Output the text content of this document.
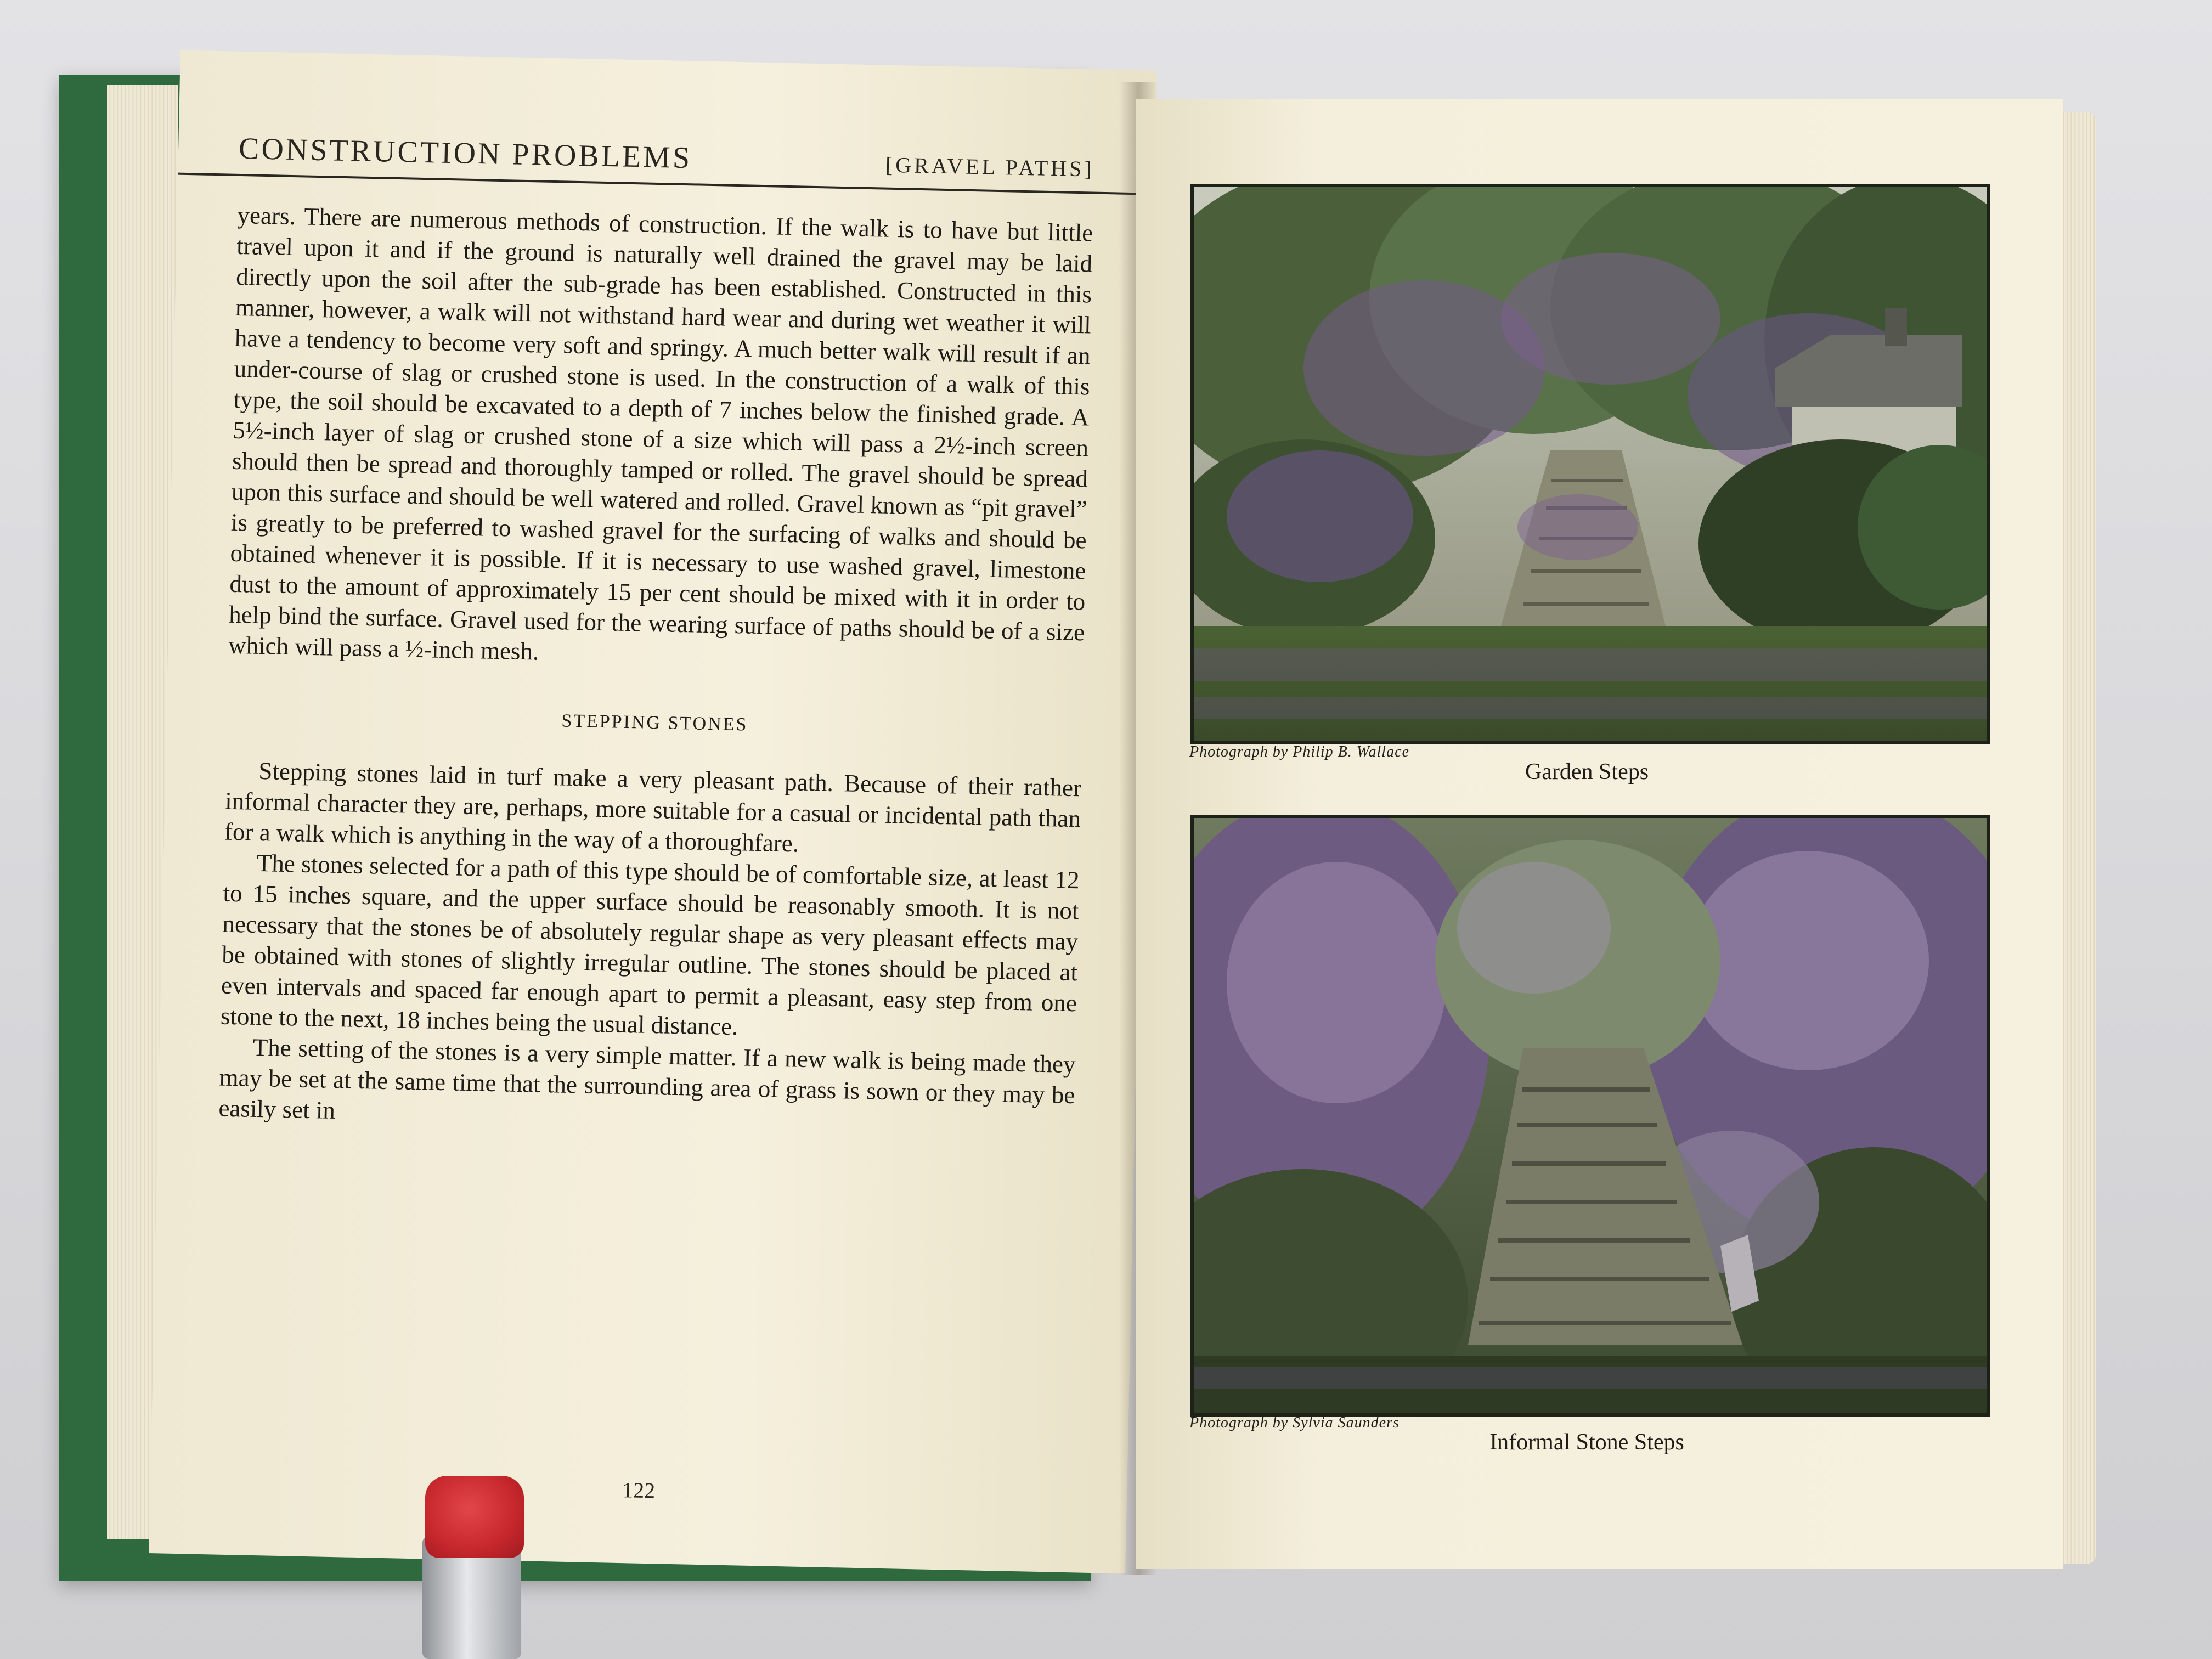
CONSTRUCTION PROBLEMS	[GRAVEL PATHS]

years. There are numerous methods of construction. If the walk is to have but little travel upon it and if the ground is naturally well drained the gravel may be laid directly upon the soil after the sub-grade has been established. Constructed in this manner, however, a walk will not withstand hard wear and during wet weather it will have a tendency to become very soft and springy. A much better walk will result if an under-course of slag or crushed stone is used. In the construction of a walk of this type, the soil should be excavated to a depth of 7 inches below the finished grade. A 5½-inch layer of slag or crushed stone of a size which will pass a 2½-inch screen should then be spread and thoroughly tamped or rolled. The gravel should be spread upon this surface and should be well watered and rolled. Gravel known as “pit gravel” is greatly to be preferred to washed gravel for the surfacing of walks and should be obtained whenever it is possible. If it is necessary to use washed gravel, limestone dust to the amount of approximately 15 per cent should be mixed with it in order to help bind the surface. Gravel used for the wearing surface of paths should be of a size which will pass a ½-inch mesh.

STEPPING STONES

Stepping stones laid in turf make a very pleasant path. Because of their rather informal character they are, perhaps, more suitable for a casual or incidental path than for a walk which is anything in the way of a thoroughfare.

The stones selected for a path of this type should be of comfortable size, at least 12 to 15 inches square, and the upper surface should be reasonably smooth. It is not necessary that the stones be of absolutely regular shape as very pleasant effects may be obtained with stones of slightly irregular outline. The stones should be placed at even intervals and spaced far enough apart to permit a pleasant, easy step from one stone to the next, 18 inches being the usual distance.

The setting of the stones is a very simple matter. If a new walk is being made they may be set at the same time that the surrounding area of grass is sown or they may be easily set in

122
Photograph by Philip B. Wallace
Garden Steps
Photograph by Sylvia Saunders
Informal Stone Steps
